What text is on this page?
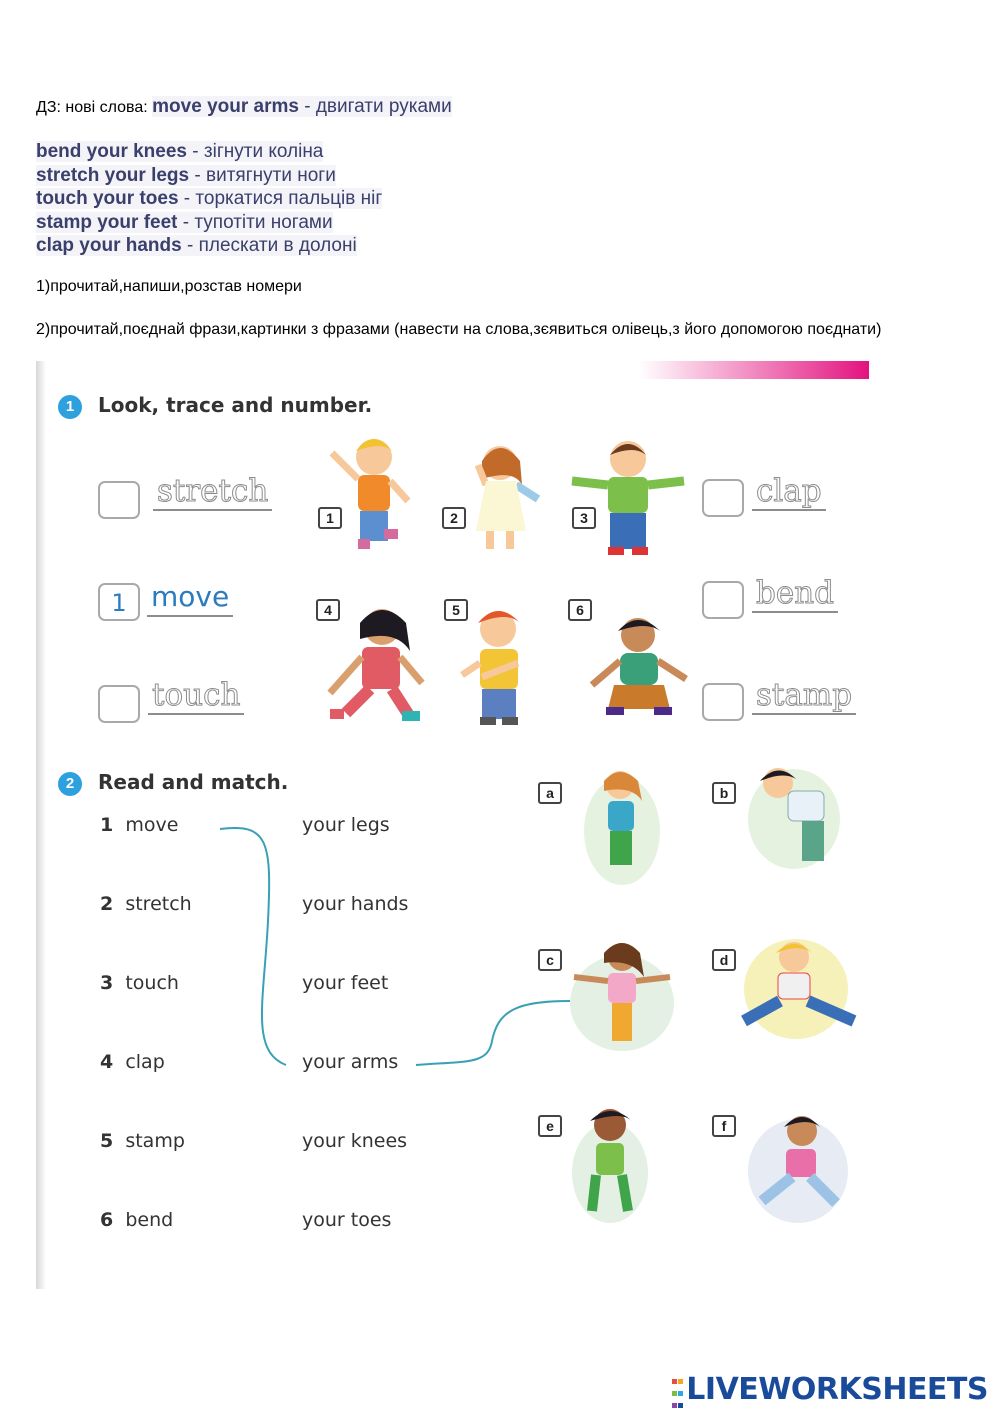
ДЗ: нові слова: move your arms - двигати руками
bend your knees - зігнути коліна
stretch your legs - витягнути ноги
touch your toes - торкатися пальців ніг
stamp your feet - тупотіти ногами
clap your hands - плескати в долоні
1)прочитай,напиши,розстав номери
2)прочитай,поєднай фрази,картинки з фразами (навести на слова,зєявиться олівець,з його допомогою поєднати)
1	Look, trace and number.
stretch
1 move
touch
clap
bend
stamp
1	2	3
4	5	6
2	Read and match.
1 move
2 stretch
3 touch
4 clap
5 stamp
6 bend
your legs
your hands
your feet
your arms
your knees
your toes
a	b
c	d
e	f

LIVEWORKSHEETS
